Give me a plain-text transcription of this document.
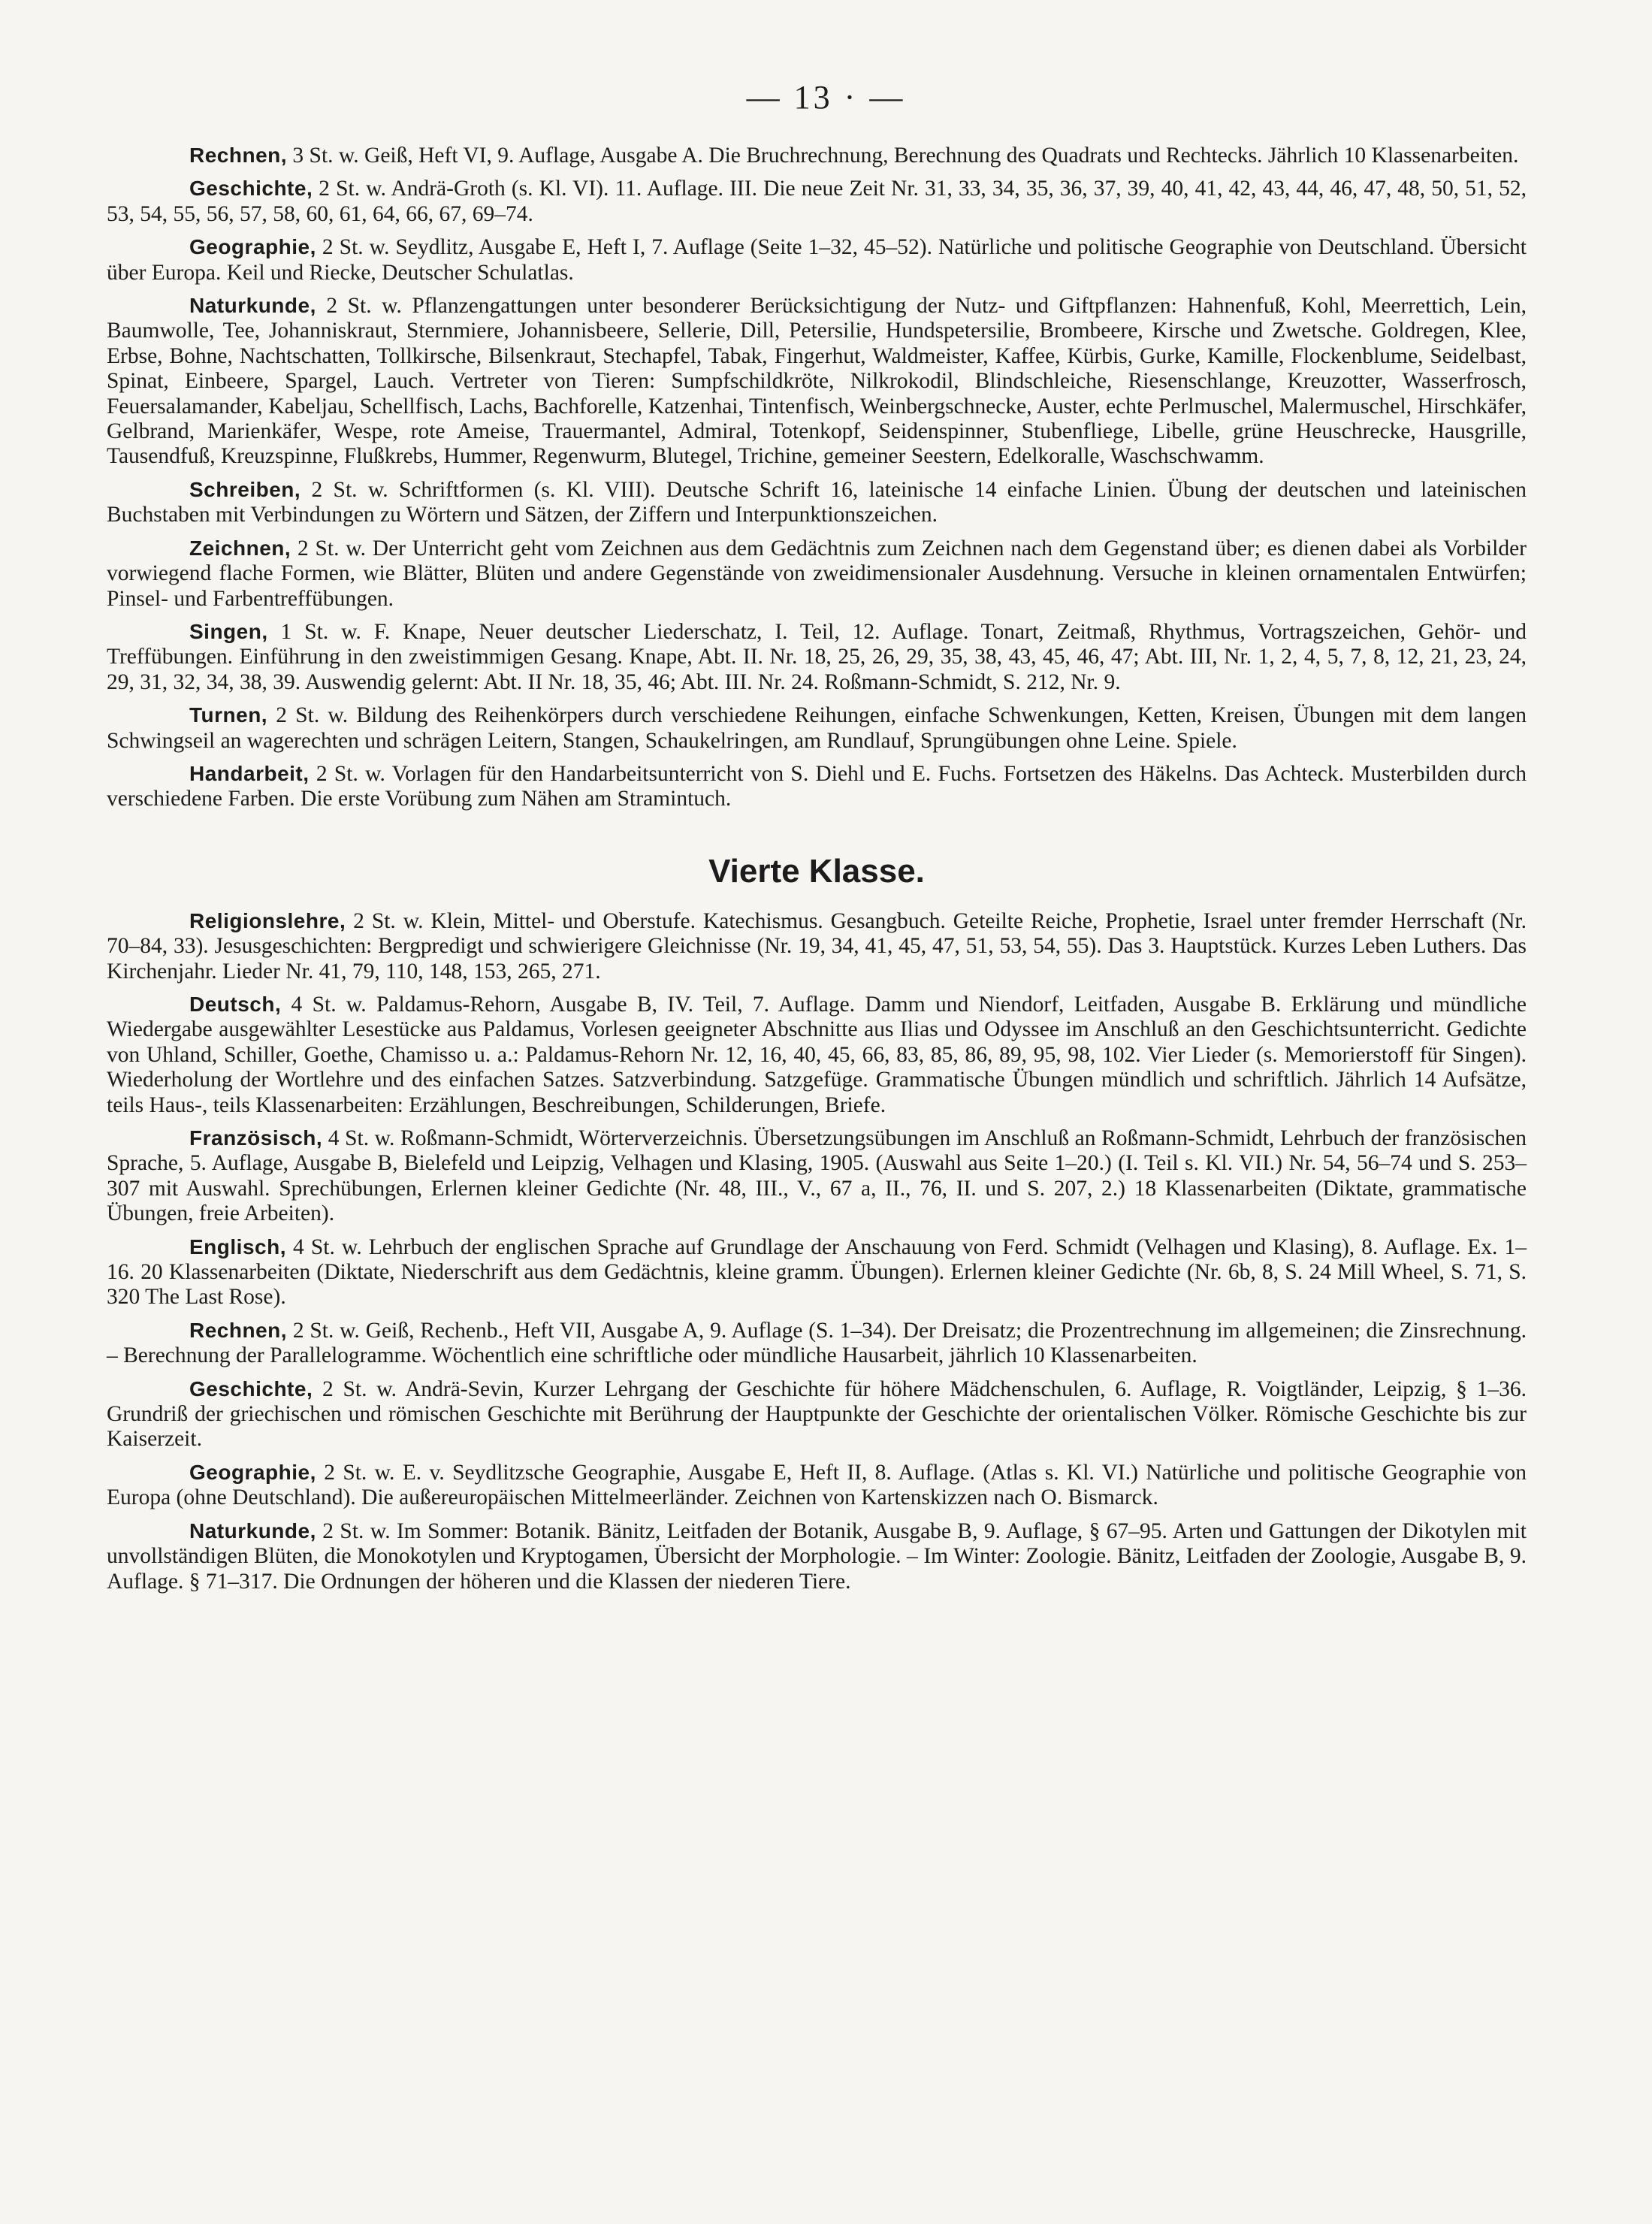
— 13 · —

Rechnen, 3 St. w. Geiß, Heft VI, 9. Auflage, Ausgabe A. Die Bruchrechnung, Berechnung des Quadrats und Rechtecks. Jährlich 10 Klassenarbeiten.

Geschichte, 2 St. w. Andrä-Groth (s. Kl. VI). 11. Auflage. III. Die neue Zeit Nr. 31, 33, 34, 35, 36, 37, 39, 40, 41, 42, 43, 44, 46, 47, 48, 50, 51, 52, 53, 54, 55, 56, 57, 58, 60, 61, 64, 66, 67, 69–74.

Geographie, 2 St. w. Seydlitz, Ausgabe E, Heft I, 7. Auflage (Seite 1–32, 45–52). Natürliche und politische Geographie von Deutschland. Übersicht über Europa. Keil und Riecke, Deutscher Schulatlas.

Naturkunde, 2 St. w. Pflanzengattungen unter besonderer Berücksichtigung der Nutz- und Giftpflanzen: Hahnenfuß, Kohl, Meerrettich, Lein, Baumwolle, Tee, Johanniskraut, Sternmiere, Johannisbeere, Sellerie, Dill, Petersilie, Hundspetersilie, Brombeere, Kirsche und Zwetsche. Goldregen, Klee, Erbse, Bohne, Nachtschatten, Tollkirsche, Bilsenkraut, Stechapfel, Tabak, Fingerhut, Waldmeister, Kaffee, Kürbis, Gurke, Kamille, Flockenblume, Seidelbast, Spinat, Einbeere, Spargel, Lauch. Vertreter von Tieren: Sumpfschildkröte, Nilkrokodil, Blindschleiche, Riesenschlange, Kreuzotter, Wasserfrosch, Feuersalamander, Kabeljau, Schellfisch, Lachs, Bachforelle, Katzenhai, Tintenfisch, Weinbergschnecke, Auster, echte Perlmuschel, Malermuschel, Hirschkäfer, Gelbrand, Marienkäfer, Wespe, rote Ameise, Trauermantel, Admiral, Totenkopf, Seidenspinner, Stubenfliege, Libelle, grüne Heuschrecke, Hausgrille, Tausendfuß, Kreuzspinne, Flußkrebs, Hummer, Regenwurm, Blutegel, Trichine, gemeiner Seestern, Edelkoralle, Waschschwamm.

Schreiben, 2 St. w. Schriftformen (s. Kl. VIII). Deutsche Schrift 16, lateinische 14 einfache Linien. Übung der deutschen und lateinischen Buchstaben mit Verbindungen zu Wörtern und Sätzen, der Ziffern und Interpunktionszeichen.

Zeichnen, 2 St. w. Der Unterricht geht vom Zeichnen aus dem Gedächtnis zum Zeichnen nach dem Gegenstand über; es dienen dabei als Vorbilder vorwiegend flache Formen, wie Blätter, Blüten und andere Gegenstände von zweidimensionaler Ausdehnung. Versuche in kleinen ornamentalen Entwürfen; Pinsel- und Farbentreffübungen.

Singen, 1 St. w. F. Knape, Neuer deutscher Liederschatz, I. Teil, 12. Auflage. Tonart, Zeitmaß, Rhythmus, Vortragszeichen, Gehör- und Treffübungen. Einführung in den zweistimmigen Gesang. Knape, Abt. II. Nr. 18, 25, 26, 29, 35, 38, 43, 45, 46, 47; Abt. III, Nr. 1, 2, 4, 5, 7, 8, 12, 21, 23, 24, 29, 31, 32, 34, 38, 39. Auswendig gelernt: Abt. II Nr. 18, 35, 46; Abt. III. Nr. 24. Roßmann-Schmidt, S. 212, Nr. 9.

Turnen, 2 St. w. Bildung des Reihenkörpers durch verschiedene Reihungen, einfache Schwenkungen, Ketten, Kreisen, Übungen mit dem langen Schwingseil an wagerechten und schrägen Leitern, Stangen, Schaukelringen, am Rundlauf, Sprungübungen ohne Leine. Spiele.

Handarbeit, 2 St. w. Vorlagen für den Handarbeitsunterricht von S. Diehl und E. Fuchs. Fortsetzen des Häkelns. Das Achteck. Musterbilden durch verschiedene Farben. Die erste Vorübung zum Nähen am Stramintuch.

Vierte Klasse.

Religionslehre, 2 St. w. Klein, Mittel- und Oberstufe. Katechismus. Gesangbuch. Geteilte Reiche, Prophetie, Israel unter fremder Herrschaft (Nr. 70–84, 33). Jesusgeschichten: Bergpredigt und schwierigere Gleichnisse (Nr. 19, 34, 41, 45, 47, 51, 53, 54, 55). Das 3. Hauptstück. Kurzes Leben Luthers. Das Kirchenjahr. Lieder Nr. 41, 79, 110, 148, 153, 265, 271.

Deutsch, 4 St. w. Paldamus-Rehorn, Ausgabe B, IV. Teil, 7. Auflage. Damm und Niendorf, Leitfaden, Ausgabe B. Erklärung und mündliche Wiedergabe ausgewählter Lesestücke aus Paldamus, Vorlesen geeigneter Abschnitte aus Ilias und Odyssee im Anschluß an den Geschichtsunterricht. Gedichte von Uhland, Schiller, Goethe, Chamisso u. a.: Paldamus-Rehorn Nr. 12, 16, 40, 45, 66, 83, 85, 86, 89, 95, 98, 102. Vier Lieder (s. Memorierstoff für Singen). Wiederholung der Wortlehre und des einfachen Satzes. Satzverbindung. Satzgefüge. Grammatische Übungen mündlich und schriftlich. Jährlich 14 Aufsätze, teils Haus-, teils Klassenarbeiten: Erzählungen, Beschreibungen, Schilderungen, Briefe.

Französisch, 4 St. w. Roßmann-Schmidt, Wörterverzeichnis. Übersetzungsübungen im Anschluß an Roßmann-Schmidt, Lehrbuch der französischen Sprache, 5. Auflage, Ausgabe B, Bielefeld und Leipzig, Velhagen und Klasing, 1905. (Auswahl aus Seite 1–20.) (I. Teil s. Kl. VII.) Nr. 54, 56–74 und S. 253–307 mit Auswahl. Sprechübungen, Erlernen kleiner Gedichte (Nr. 48, III., V., 67 a, II., 76, II. und S. 207, 2.) 18 Klassenarbeiten (Diktate, grammatische Übungen, freie Arbeiten).

Englisch, 4 St. w. Lehrbuch der englischen Sprache auf Grundlage der Anschauung von Ferd. Schmidt (Velhagen und Klasing), 8. Auflage. Ex. 1–16. 20 Klassenarbeiten (Diktate, Niederschrift aus dem Gedächtnis, kleine gramm. Übungen). Erlernen kleiner Gedichte (Nr. 6b, 8, S. 24 Mill Wheel, S. 71, S. 320 The Last Rose).

Rechnen, 2 St. w. Geiß, Rechenb., Heft VII, Ausgabe A, 9. Auflage (S. 1–34). Der Dreisatz; die Prozentrechnung im allgemeinen; die Zinsrechnung. – Berechnung der Parallelogramme. Wöchentlich eine schriftliche oder mündliche Hausarbeit, jährlich 10 Klassenarbeiten.

Geschichte, 2 St. w. Andrä-Sevin, Kurzer Lehrgang der Geschichte für höhere Mädchenschulen, 6. Auflage, R. Voigtländer, Leipzig, § 1–36. Grundriß der griechischen und römischen Geschichte mit Berührung der Hauptpunkte der Geschichte der orientalischen Völker. Römische Geschichte bis zur Kaiserzeit.

Geographie, 2 St. w. E. v. Seydlitzsche Geographie, Ausgabe E, Heft II, 8. Auflage. (Atlas s. Kl. VI.) Natürliche und politische Geographie von Europa (ohne Deutschland). Die außereuropäischen Mittelmeerländer. Zeichnen von Kartenskizzen nach O. Bismarck.

Naturkunde, 2 St. w. Im Sommer: Botanik. Bänitz, Leitfaden der Botanik, Ausgabe B, 9. Auflage, § 67–95. Arten und Gattungen der Dikotylen mit unvollständigen Blüten, die Monokotylen und Kryptogamen, Übersicht der Morphologie. – Im Winter: Zoologie. Bänitz, Leitfaden der Zoologie, Ausgabe B, 9. Auflage. § 71–317. Die Ordnungen der höheren und die Klassen der niederen Tiere.
